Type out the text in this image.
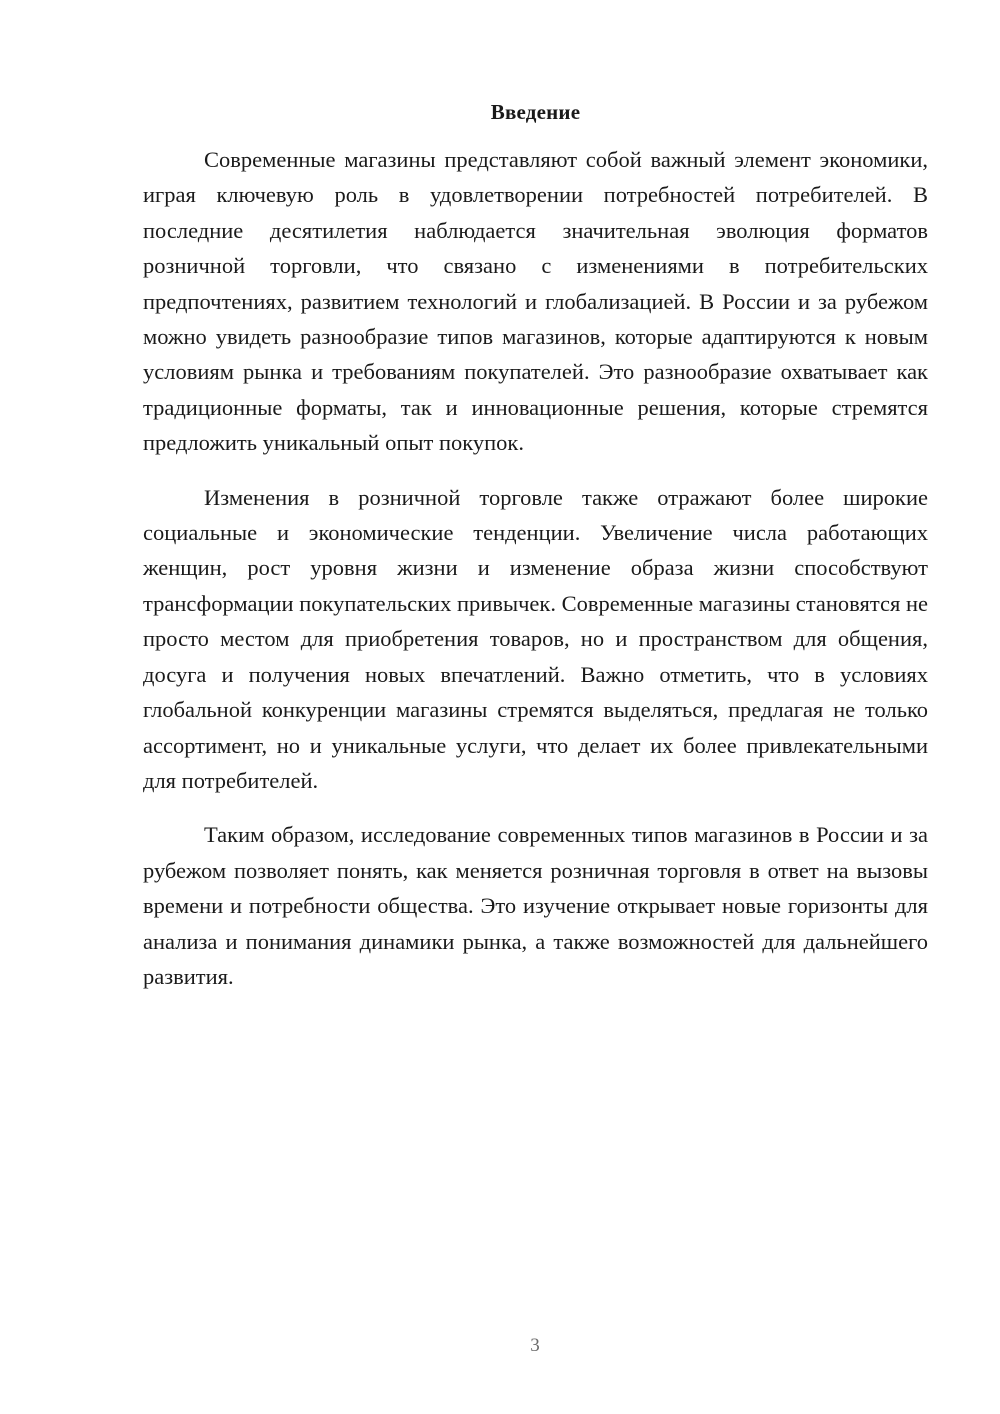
Введение

Современные магазины представляют собой важный элемент экономики, играя ключевую роль в удовлетворении потребностей потребителей. В последние десятилетия наблюдается значительная эволюция форматов розничной торговли, что связано с изменениями в потребительских предпочтениях, развитием технологий и глобализацией. В России и за рубежом можно увидеть разнообразие типов магазинов, которые адаптируются к новым условиям рынка и требованиям покупателей. Это разнообразие охватывает как традиционные форматы, так и инновационные решения, которые стремятся предложить уникальный опыт покупок.

Изменения в розничной торговле также отражают более широкие социальные и экономические тенденции. Увеличение числа работающих женщин, рост уровня жизни и изменение образа жизни способствуют трансформации покупательских привычек. Современные магазины становятся не просто местом для приобретения товаров, но и пространством для общения, досуга и получения новых впечатлений. Важно отметить, что в условиях глобальной конкуренции магазины стремятся выделяться, предлагая не только ассортимент, но и уникальные услуги, что делает их более привлекательными для потребителей.

Таким образом, исследование современных типов магазинов в России и за рубежом позволяет понять, как меняется розничная торговля в ответ на вызовы времени и потребности общества. Это изучение открывает новые горизонты для анализа и понимания динамики рынка, а также возможностей для дальнейшего развития.

3
